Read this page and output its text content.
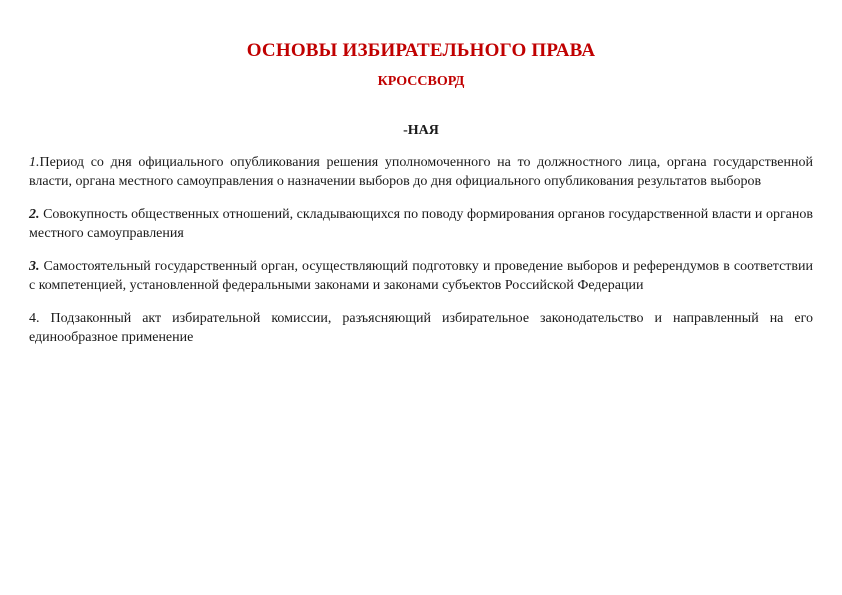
ОСНОВЫ ИЗБИРАТЕЛЬНОГО ПРАВА
КРОССВОРД
-НАЯ

1.Период со дня официального опубликования решения уполномоченного на то должностного лица, органа государственной власти, органа местного самоуправления о назначении выборов до дня официального опубликования результатов выборов

2. Совокупность общественных отношений, складывающихся по поводу формирования органов государственной власти и органов местного самоуправления

3. Самостоятельный государственный орган, осуществляющий подготовку и проведение выборов и референдумов в соответствии с компетенцией, установленной федеральными законами и законами субъектов Российской Федерации

4. Подзаконный акт избирательной комиссии, разъясняющий избирательное законодательство и направленный на его единообразное применение
